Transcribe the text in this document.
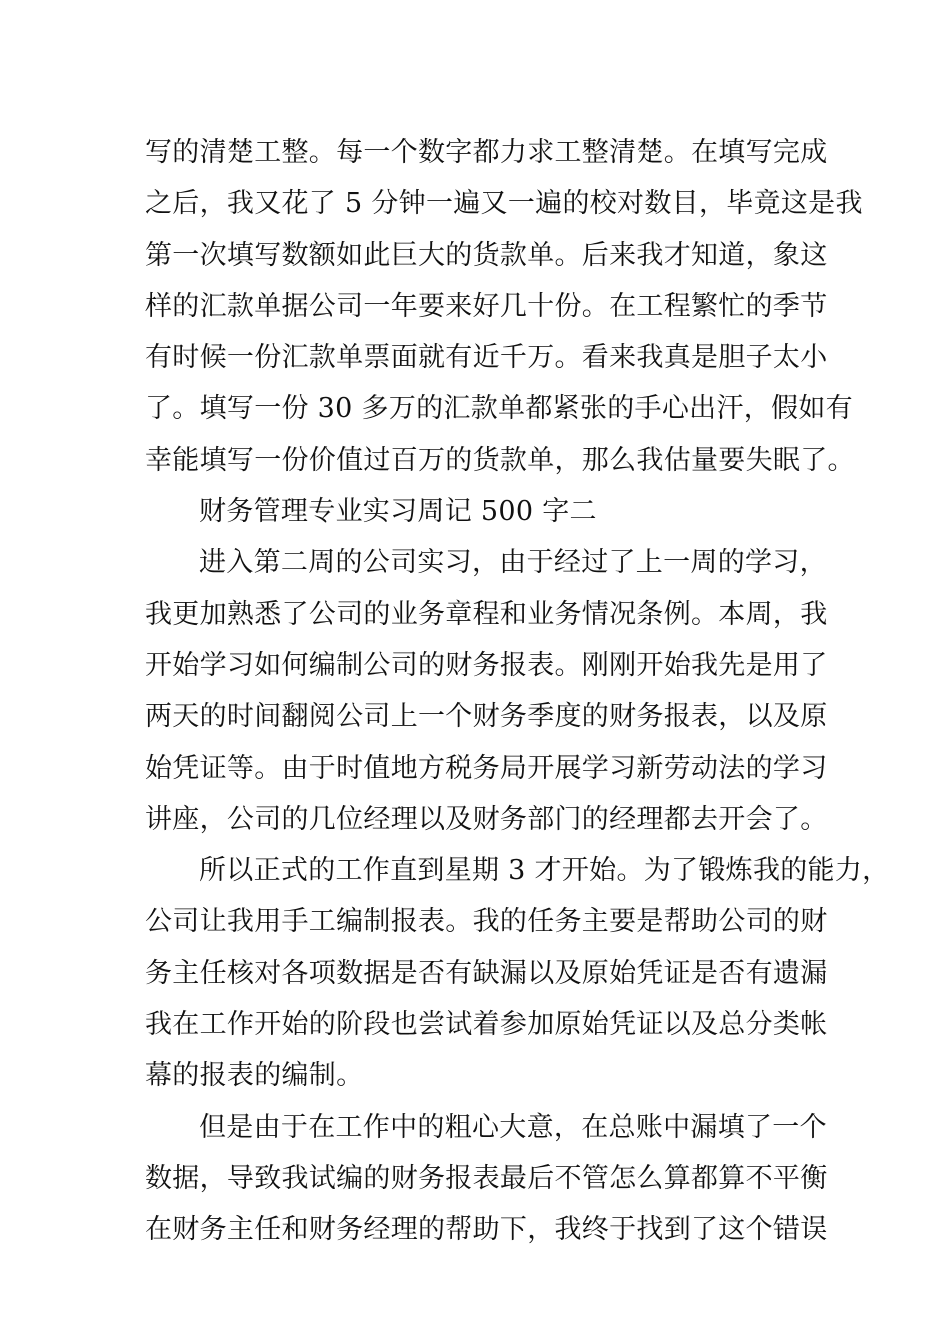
写的清楚工整。每一个数字都力求工整清楚。在填写完成
之后，我又花了 5 分钟一遍又一遍的校对数目，毕竟这是我
第一次填写数额如此巨大的货款单。后来我才知道，象这
样的汇款单据公司一年要来好几十份。在工程繁忙的季节
有时候一份汇款单票面就有近千万。看来我真是胆子太小
了。填写一份 30 多万的汇款单都紧张的手心出汗，假如有
幸能填写一份价值过百万的货款单，那么我估量要失眠了。
财务管理专业实习周记 500 字二
进入第二周的公司实习，由于经过了上一周的学习，
我更加熟悉了公司的业务章程和业务情况条例。本周，我
开始学习如何编制公司的财务报表。刚刚开始我先是用了
两天的时间翻阅公司上一个财务季度的财务报表，以及原
始凭证等。由于时值地方税务局开展学习新劳动法的学习
讲座，公司的几位经理以及财务部门的经理都去开会了。
所以正式的工作直到星期 3 才开始。为了锻炼我的能力，
公司让我用手工编制报表。我的任务主要是帮助公司的财
务主任核对各项数据是否有缺漏以及原始凭证是否有遗漏
我在工作开始的阶段也尝试着参加原始凭证以及总分类帐
幕的报表的编制。
但是由于在工作中的粗心大意，在总账中漏填了一个
数据，导致我试编的财务报表最后不管怎么算都算不平衡
在财务主任和财务经理的帮助下，我终于找到了这个错误
